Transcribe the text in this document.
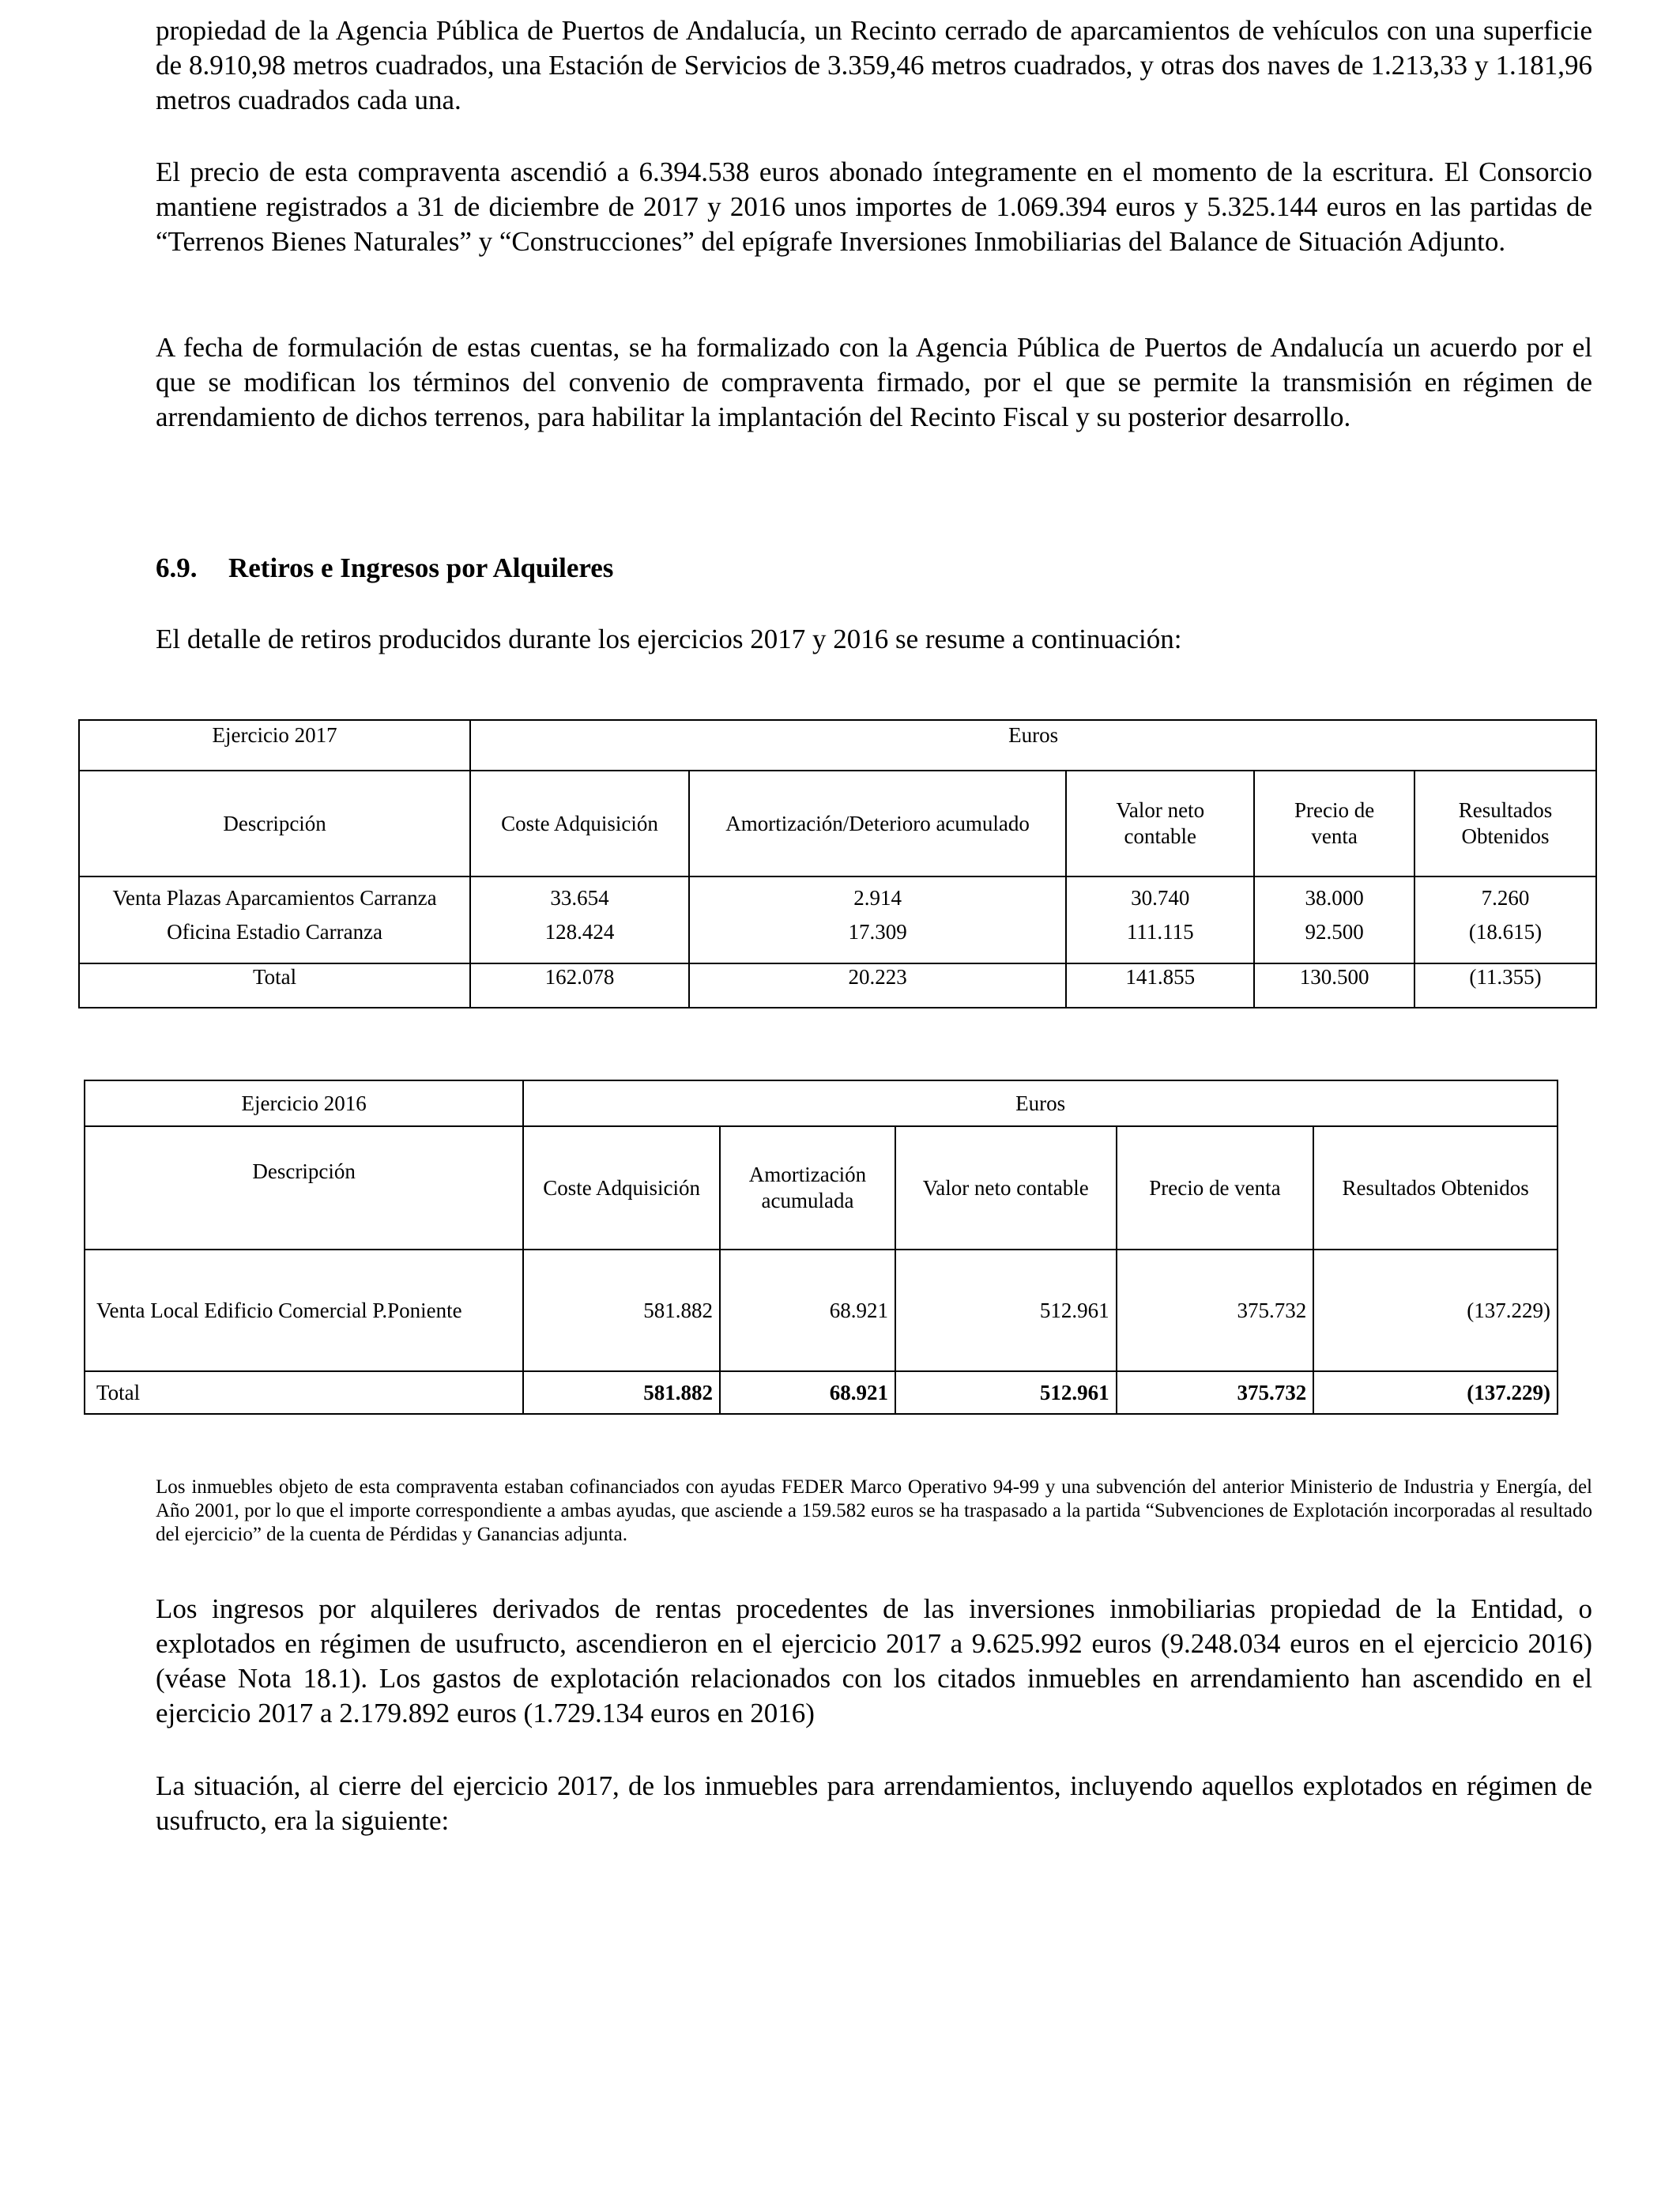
propiedad de la Agencia Pública de Puertos de Andalucía, un Recinto cerrado de aparcamientos de vehículos con una superficie de 8.910,98 metros cuadrados, una Estación de Servicios de 3.359,46 metros cuadrados, y otras dos naves de 1.213,33 y 1.181,96 metros cuadrados cada una.

El precio de esta compraventa ascendió a 6.394.538 euros abonado íntegramente en el momento de la escritura. El Consorcio mantiene registrados a 31 de diciembre de 2017 y 2016 unos importes de 1.069.394 euros y 5.325.144 euros en las partidas de “Terrenos Bienes Naturales” y “Construcciones” del epígrafe Inversiones Inmobiliarias del Balance de Situación Adjunto.

A fecha de formulación de estas cuentas, se ha formalizado con la Agencia Pública de Puertos de Andalucía un acuerdo por el que se modifican los términos del convenio de compraventa firmado, por el que se permite la transmisión en régimen de arrendamiento de dichos terrenos, para habilitar la implantación del Recinto Fiscal y su posterior desarrollo.

6.9. Retiros e Ingresos por Alquileres

El detalle de retiros producidos durante los ejercicios 2017 y 2016 se resume a continuación:

Ejercicio 2017	Euros				
Descripción	Coste Adquisición	Amortización/Deterioro acumulado	Valor neto contable	Precio de venta	Resultados Obtenidos
Venta Plazas Aparcamientos Carranza	33.654	2.914	30.740	38.000	7.260
Oficina Estadio Carranza	128.424	17.309	111.115	92.500	(18.615)
Total	162.078	20.223	141.855	130.500	(11.355)
Ejercicio 2016	Euros				
Descripción	Coste Adquisición	Amortización acumulada	Valor neto contable	Precio de venta	Resultados Obtenidos
Venta Local Edificio Comercial P.Poniente	581.882	68.921	512.961	375.732	(137.229)
Total	581.882	68.921	512.961	375.732	(137.229)

Los inmuebles objeto de esta compraventa estaban cofinanciados con ayudas FEDER Marco Operativo 94-99 y una subvención del anterior Ministerio de Industria y Energía, del Año 2001, por lo que el importe correspondiente a ambas ayudas, que asciende a 159.582 euros se ha traspasado a la partida “Subvenciones de Explotación incorporadas al resultado del ejercicio” de la cuenta de Pérdidas y Ganancias adjunta.

Los ingresos por alquileres derivados de rentas procedentes de las inversiones inmobiliarias propiedad de la Entidad, o explotados en régimen de usufructo, ascendieron en el ejercicio 2017 a 9.625.992 euros (9.248.034 euros en el ejercicio 2016) (véase Nota 18.1). Los gastos de explotación relacionados con los citados inmuebles en arrendamiento han ascendido en el ejercicio 2017 a 2.179.892 euros (1.729.134 euros en 2016)

La situación, al cierre del ejercicio 2017, de los inmuebles para arrendamientos, incluyendo aquellos explotados en régimen de usufructo, era la siguiente:
